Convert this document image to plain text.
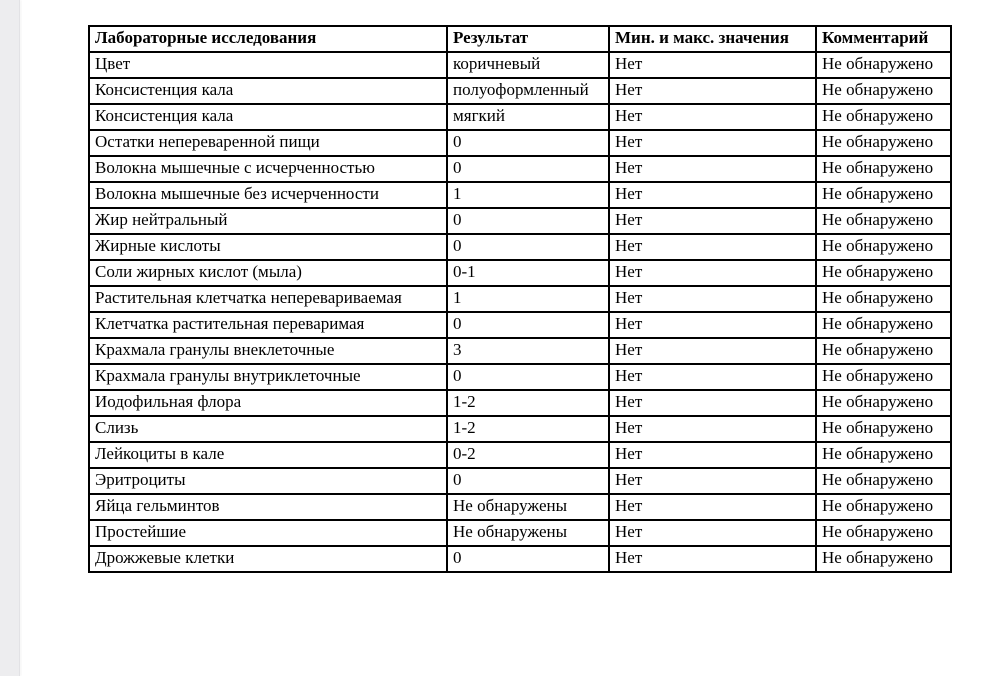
Лабораторные исследования	Результат	Мин. и макс. значения	Комментарий
Цвет	коричневый	Нет	Не обнаружено
Консистенция кала	полуоформленный	Нет	Не обнаружено
Консистенция кала	мягкий	Нет	Не обнаружено
Остатки непереваренной пищи	0	Нет	Не обнаружено
Волокна мышечные с исчерченностью	0	Нет	Не обнаружено
Волокна мышечные без исчерченности	1	Нет	Не обнаружено
Жир нейтральный	0	Нет	Не обнаружено
Жирные кислоты	0	Нет	Не обнаружено
Соли жирных кислот (мыла)	0-1	Нет	Не обнаружено
Растительная клетчатка неперевариваемая	1	Нет	Не обнаружено
Клетчатка растительная переваримая	0	Нет	Не обнаружено
Крахмала гранулы внеклеточные	3	Нет	Не обнаружено
Крахмала гранулы внутриклеточные	0	Нет	Не обнаружено
Иодофильная флора	1-2	Нет	Не обнаружено
Слизь	1-2	Нет	Не обнаружено
Лейкоциты в кале	0-2	Нет	Не обнаружено
Эритроциты	0	Нет	Не обнаружено
Яйца гельминтов	Не обнаружены	Нет	Не обнаружено
Простейшие	Не обнаружены	Нет	Не обнаружено
Дрожжевые клетки	0	Нет	Не обнаружено
